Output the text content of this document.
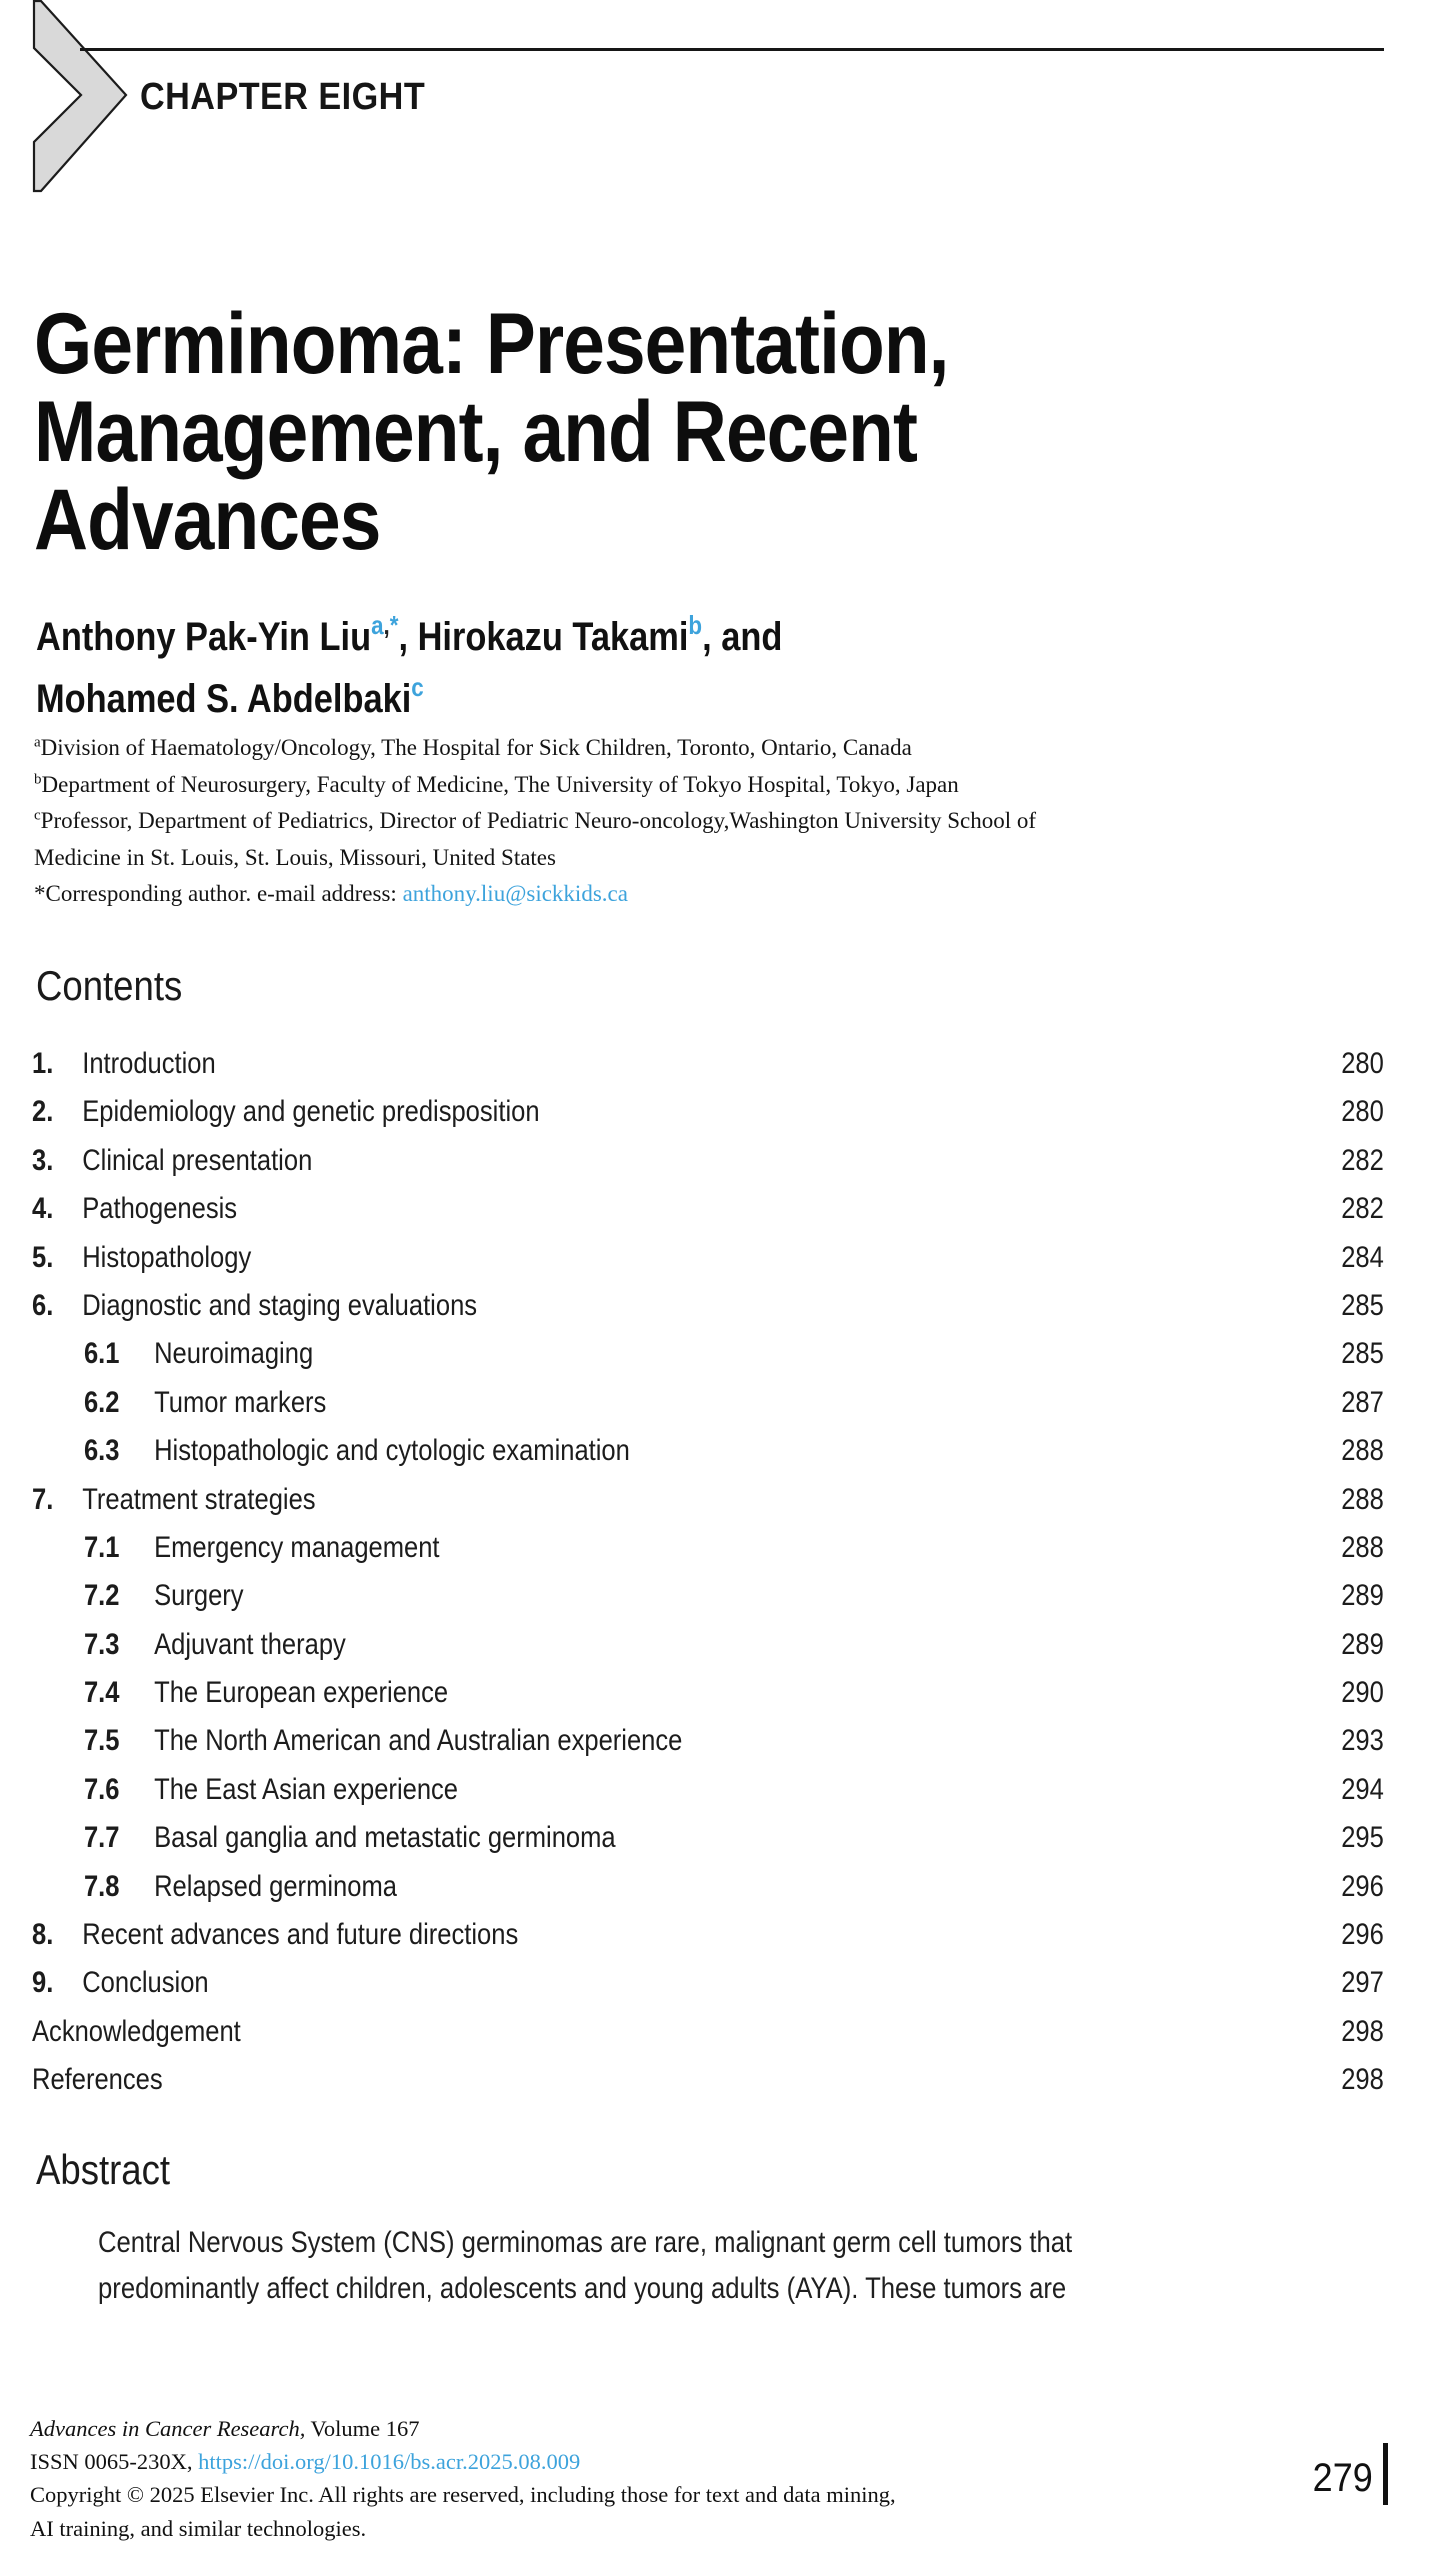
CHAPTER EIGHT
Germinoma: Presentation,
Management, and Recent
Advances
Anthony Pak-Yin Liu$^{a,*}$, Hirokazu Takami$^b$, and
Mohamed S. Abdelbaki$^c$
$^a$Division of Haematology/Oncology, The Hospital for Sick Children, Toronto, Ontario, Canada
$^b$Department of Neurosurgery, Faculty of Medicine, The University of Tokyo Hospital, Tokyo, Japan
$^c$Professor, Department of Pediatrics, Director of Pediatric Neuro-oncology,Washington University School of
Medicine in St. Louis, St. Louis, Missouri, United States
*Corresponding author. e-mail address: anthony.liu@sickkids.ca
Contents
1. Introduction	280
2. Epidemiology and genetic predisposition	280
3. Clinical presentation	282
4. Pathogenesis	282
5. Histopathology	284
6. Diagnostic and staging evaluations	285
6.1	Neuroimaging	285
6.2	Tumor markers	287
6.3	Histopathologic and cytologic examination	288
7. Treatment strategies	288
7.1	Emergency management	288
7.2	Surgery	289
7.3	Adjuvant therapy	289
7.4	The European experience	290
7.5	The North American and Australian experience	293
7.6	The East Asian experience	294
7.7	Basal ganglia and metastatic germinoma	295
7.8	Relapsed germinoma	296
8. Recent advances and future directions	296
9. Conclusion	297
Acknowledgement	298
References	298
Abstract
Central Nervous System (CNS) germinomas are rare, malignant germ cell tumors that
predominantly affect children, adolescents and young adults (AYA). These tumors are
Advances in Cancer Research, Volume 167
ISSN 0065-230X, https://doi.org/10.1016/bs.acr.2025.08.009
Copyright © 2025 Elsevier Inc. All rights are reserved, including those for text and data mining,
AI training, and similar technologies.
279
